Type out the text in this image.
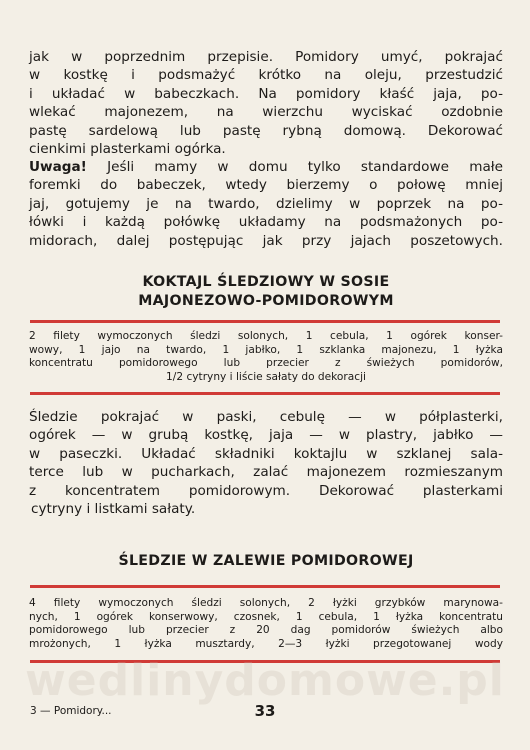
jak w poprzednim przepisie. Pomidory umyć, pokrajać
w kostkę i podsmażyć krótko na oleju, przestudzić
i układać w babeczkach. Na pomidory kłaść jaja, po-
wlekać majonezem, na wierzchu wyciskać ozdobnie
pastę sardelową lub pastę rybną domową. Dekorować
cienkimi plasterkami ogórka.
Uwaga! Jeśli mamy w domu tylko standardowe małe
foremki do babeczek, wtedy bierzemy o połowę mniej
jaj, gotujemy je na twardo, dzielimy w poprzek na po-
łówki i każdą połówkę układamy na podsmażonych po-
midorach, dalej postępując jak przy jajach poszetowych.
KOKTAJL ŚLEDZIOWY W SOSIE
MAJONEZOWO-POMIDOROWYM
2 filety wymoczonych śledzi solonych, 1 cebula, 1 ogórek konser-
wowy, 1 jajo na twardo, 1 jabłko, 1 szklanka majonezu, 1 łyżka
koncentratu pomidorowego lub przecier z świeżych pomidorów,
1/2 cytryny i liście sałaty do dekoracji
Śledzie pokrajać w paski, cebulę — w półplasterki,
ogórek — w grubą kostkę, jaja — w plastry, jabłko —
w paseczki. Układać składniki koktajlu w szklanej sala-
terce lub w pucharkach, zalać majonezem rozmieszanym
z koncentratem pomidorowym. Dekorować plasterkami
cytryny i listkami sałaty.
ŚLEDZIE W ZALEWIE POMIDOROWEJ
4 filety wymoczonych śledzi solonych, 2 łyżki grzybków marynowa-
nych, 1 ogórek konserwowy, czosnek, 1 cebula, 1 łyżka koncentratu
pomidorowego lub przecier z 20 dag pomidorów świeżych albo
mrożonych, 1 łyżka musztardy, 2—3 łyżki przegotowanej wody
wedlinydomowe.pl
3 — Pomidory...	33
